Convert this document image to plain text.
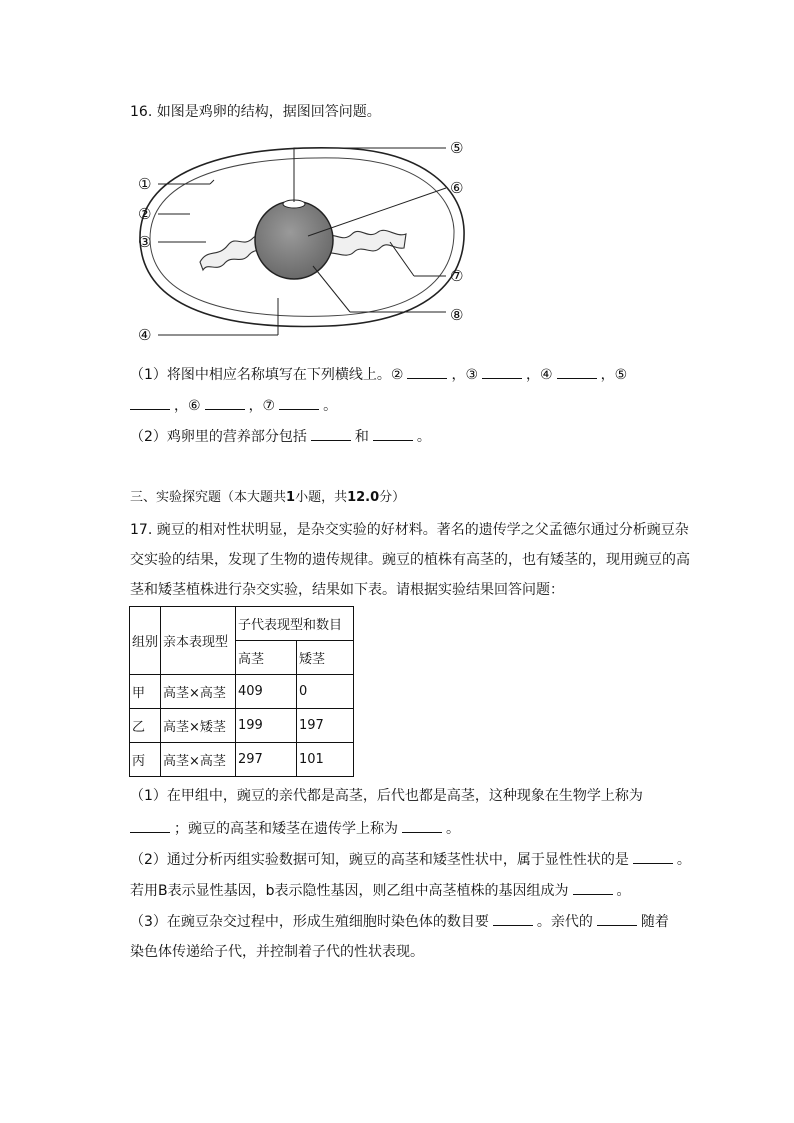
16. 如图是鸡卵的结构，据图回答问题。
①
②
③
④
⑤
⑥
⑦
⑧
（1）将图中相应名称填写在下列横线上。②	，③	，④	，⑤
，⑥	，⑦	。
（2）鸡卵里的营养部分包括	和	。
三、实验探究题（本大题共1小题，共12.0分）
17. 豌豆的相对性状明显，是杂交实验的好材料。著名的遗传学之父孟德尔通过分析豌豆杂
交实验的结果，发现了生物的遗传规律。豌豆的植株有高茎的，也有矮茎的，现用豌豆的高
茎和矮茎植株进行杂交实验，结果如下表。请根据实验结果回答问题：
组别	亲本表现型	子代表现型和数目	
		高茎	矮茎
甲	高茎×高茎	409	0
乙	高茎×矮茎	199	197
丙	高茎×高茎	297	101
（1）在甲组中，豌豆的亲代都是高茎，后代也都是高茎，这种现象在生物学上称为
；豌豆的高茎和矮茎在遗传学上称为	。
（2）通过分析丙组实验数据可知，豌豆的高茎和矮茎性状中，属于显性性状的是	。
若用B表示显性基因，b表示隐性基因，则乙组中高茎植株的基因组成为	。
（3）在豌豆杂交过程中，形成生殖细胞时染色体的数目要	。亲代的	随着
染色体传递给子代，并控制着子代的性状表现。
